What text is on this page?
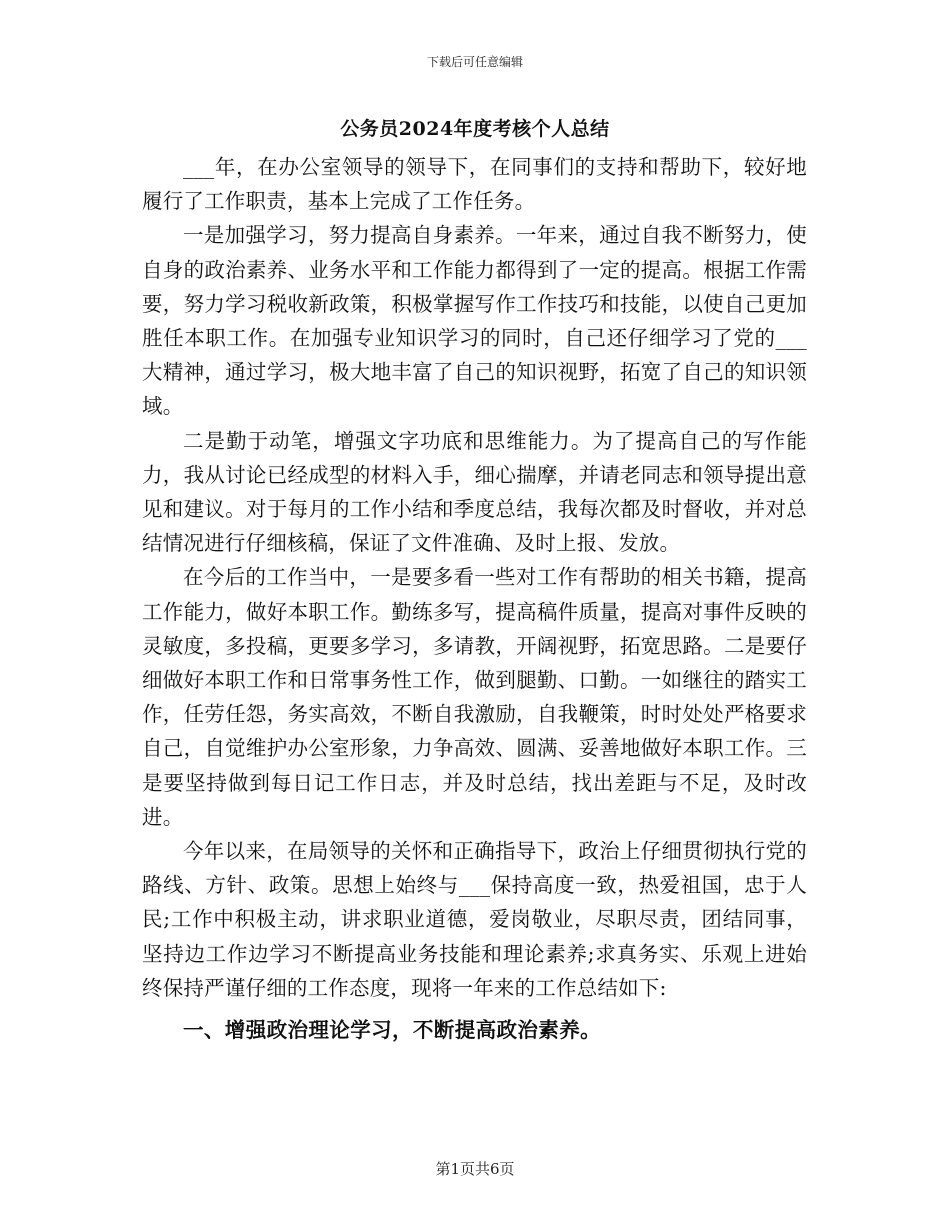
下载后可任意编辑
公务员2024年度考核个人总结

___年，在办公室领导的领导下，在同事们的支持和帮助下，较好地履行了工作职责，基本上完成了工作任务。

一是加强学习，努力提高自身素养。一年来，通过自我不断努力，使自身的政治素养、业务水平和工作能力都得到了一定的提高。根据工作需要，努力学习税收新政策，积极掌握写作工作技巧和技能，以使自己更加胜任本职工作。在加强专业知识学习的同时，自己还仔细学习了党的___大精神，通过学习，极大地丰富了自己的知识视野，拓宽了自己的知识领域。

二是勤于动笔，增强文字功底和思维能力。为了提高自己的写作能力，我从讨论已经成型的材料入手，细心揣摩，并请老同志和领导提出意见和建议。对于每月的工作小结和季度总结，我每次都及时督收，并对总结情况进行仔细核稿，保证了文件准确、及时上报、发放。

在今后的工作当中，一是要多看一些对工作有帮助的相关书籍，提高工作能力，做好本职工作。勤练多写，提高稿件质量，提高对事件反映的灵敏度，多投稿，更要多学习，多请教，开阔视野，拓宽思路。二是要仔细做好本职工作和日常事务性工作，做到腿勤、口勤。一如继往的踏实工作，任劳任怨，务实高效，不断自我激励，自我鞭策，时时处处严格要求自己，自觉维护办公室形象，力争高效、圆满、妥善地做好本职工作。三是要坚持做到每日记工作日志，并及时总结，找出差距与不足，及时改进。

今年以来，在局领导的关怀和正确指导下，政治上仔细贯彻执行党的路线、方针、政策。思想上始终与___保持高度一致，热爱祖国，忠于人民;工作中积极主动，讲求职业道德，爱岗敬业，尽职尽责，团结同事，坚持边工作边学习不断提高业务技能和理论素养;求真务实、乐观上进始终保持严谨仔细的工作态度，现将一年来的工作总结如下:

一、增强政治理论学习，不断提高政治素养。

第1页共6页
